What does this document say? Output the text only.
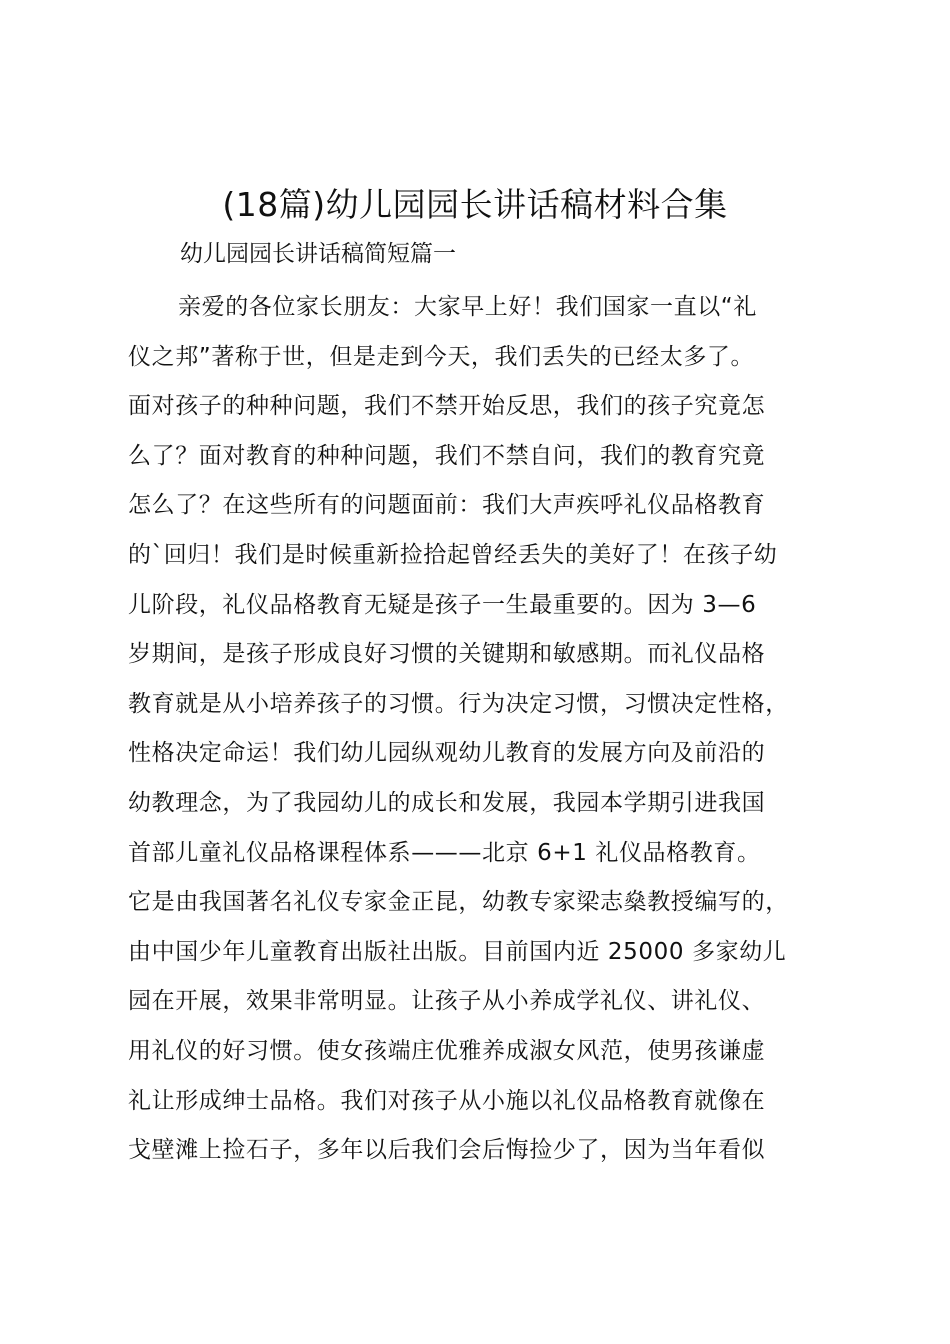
(18篇)幼儿园园长讲话稿材料合集
幼儿园园长讲话稿简短篇一
亲爱的各位家长朋友：大家早上好！我们国家一直以“礼
仪之邦”著称于世，但是走到今天，我们丢失的已经太多了。
面对孩子的种种问题，我们不禁开始反思，我们的孩子究竟怎
么了？面对教育的种种问题，我们不禁自问，我们的教育究竟
怎么了？在这些所有的问题面前：我们大声疾呼礼仪品格教育
的`回归！我们是时候重新捡拾起曾经丢失的美好了！在孩子幼
儿阶段，礼仪品格教育无疑是孩子一生最重要的。因为 3—6
岁期间，是孩子形成良好习惯的关键期和敏感期。而礼仪品格
教育就是从小培养孩子的习惯。行为决定习惯，习惯决定性格，
性格决定命运！我们幼儿园纵观幼儿教育的发展方向及前沿的
幼教理念，为了我园幼儿的成长和发展，我园本学期引进我国
首部儿童礼仪品格课程体系———北京 6+1 礼仪品格教育。
它是由我国著名礼仪专家金正昆，幼教专家梁志燊教授编写的，
由中国少年儿童教育出版社出版。目前国内近 25000 多家幼儿
园在开展，效果非常明显。让孩子从小养成学礼仪、讲礼仪、
用礼仪的好习惯。使女孩端庄优雅养成淑女风范，使男孩谦虚
礼让形成绅士品格。我们对孩子从小施以礼仪品格教育就像在
戈壁滩上捡石子，多年以后我们会后悔捡少了，因为当年看似
